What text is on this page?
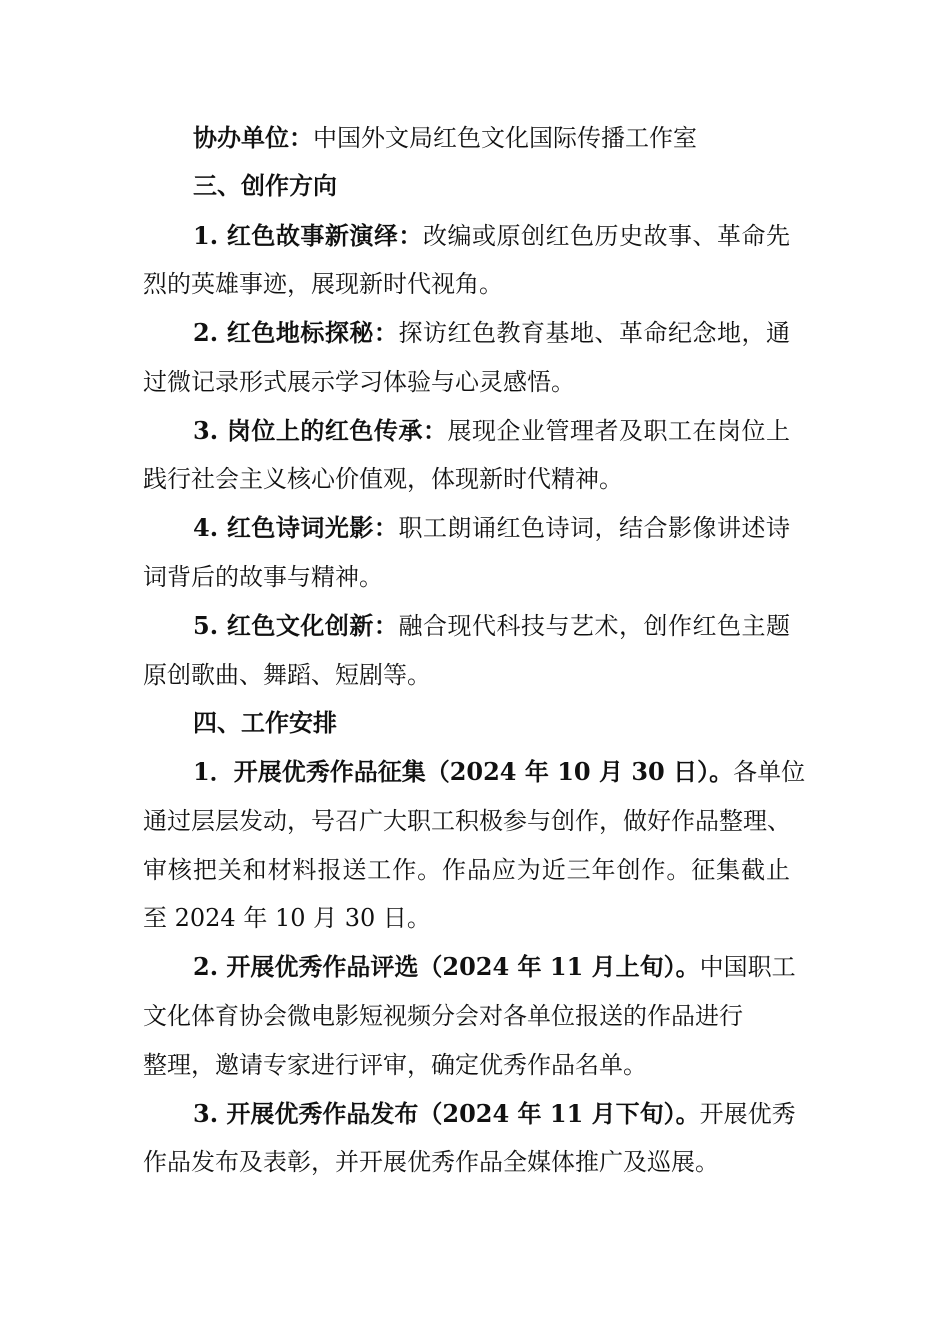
协办单位：中国外文局红色文化国际传播工作室
三、创作方向
1. 红色故事新演绎：改编或原创红色历史故事、革命先
烈的英雄事迹，展现新时代视角。
2. 红色地标探秘：探访红色教育基地、革命纪念地，通
过微记录形式展示学习体验与心灵感悟。
3. 岗位上的红色传承：展现企业管理者及职工在岗位上
践行社会主义核心价值观，体现新时代精神。
4. 红色诗词光影：职工朗诵红色诗词，结合影像讲述诗
词背后的故事与精神。
5. 红色文化创新：融合现代科技与艺术，创作红色主题
原创歌曲、舞蹈、短剧等。
四、工作安排
1．开展优秀作品征集（2024 年 10 月 30 日）。各单位
通过层层发动，号召广大职工积极参与创作，做好作品整理、
审核把关和材料报送工作。作品应为近三年创作。征集截止
至 2024 年 10 月 30 日。
2. 开展优秀作品评选（2024 年 11 月上旬）。中国职工
文化体育协会微电影短视频分会对各单位报送的作品进行
整理，邀请专家进行评审，确定优秀作品名单。
3. 开展优秀作品发布（2024 年 11 月下旬）。开展优秀
作品发布及表彰，并开展优秀作品全媒体推广及巡展。
